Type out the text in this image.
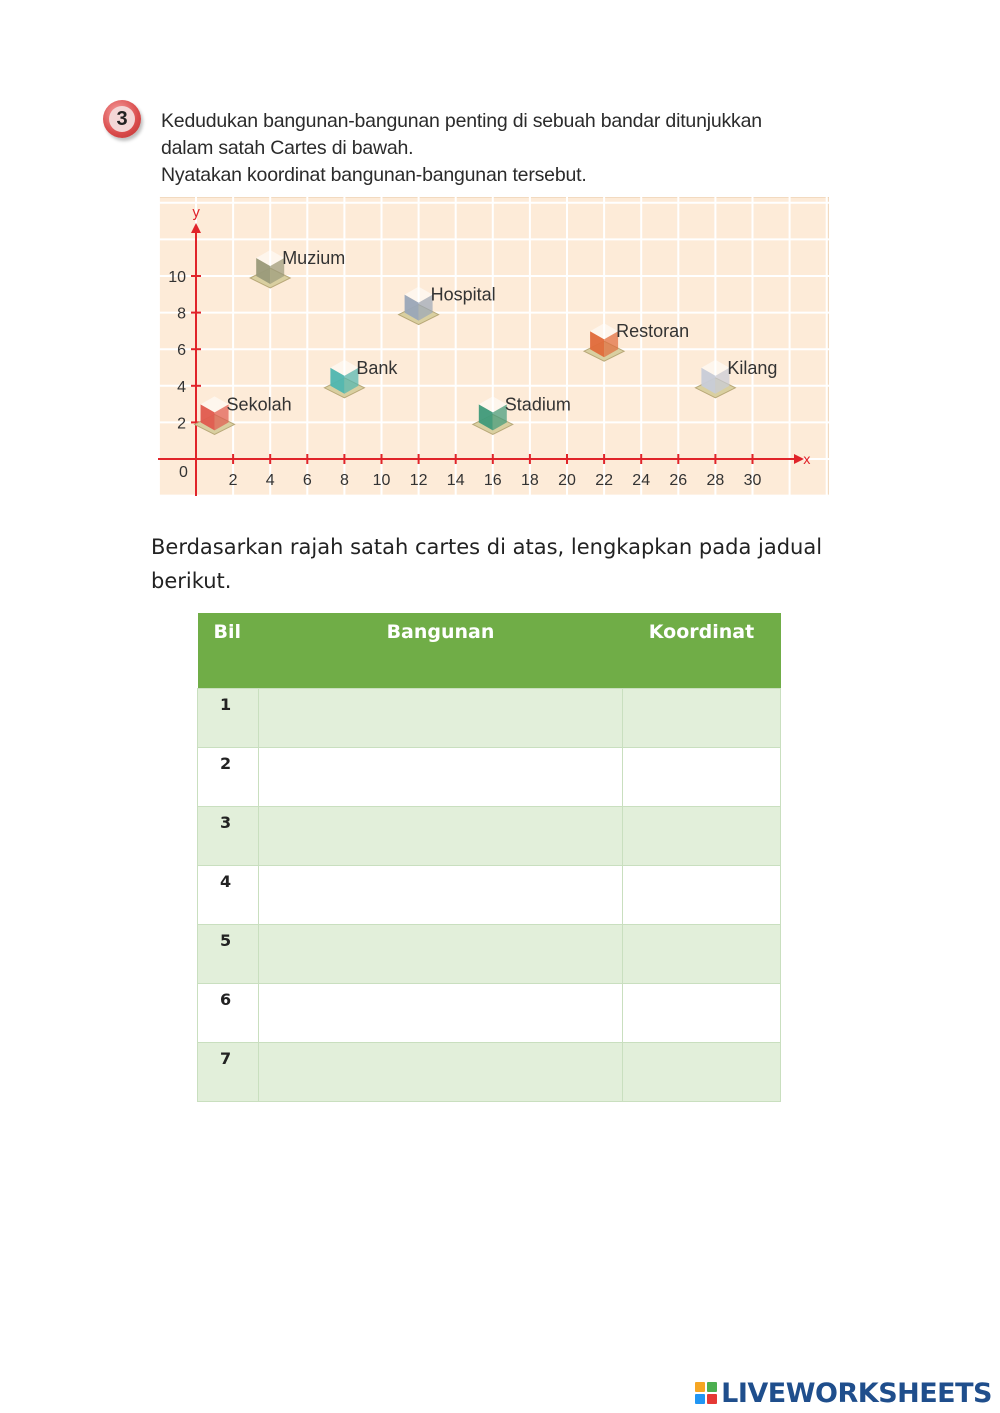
3	Kedudukan bangunan-bangunan penting di sebuah bandar ditunjukkan
dalam satah Cartes di bawah.
Nyatakan koordinat bangunan-bangunan tersebut.
2 4 6 8 10 12 14 16 18 20 22 24 26 28 30
2
4
6
8
10
Sekolah
Muzium
Bank
Hospital
Stadium
Restoran
Kilang
x
y
0
Berdasarkan rajah satah cartes di atas, lengkapkan pada jadual berikut.
Bil	Bangunan	Koordinat
1		
2		
3		
4		
5		
6		
7		
LIVEWORKSHEETS
